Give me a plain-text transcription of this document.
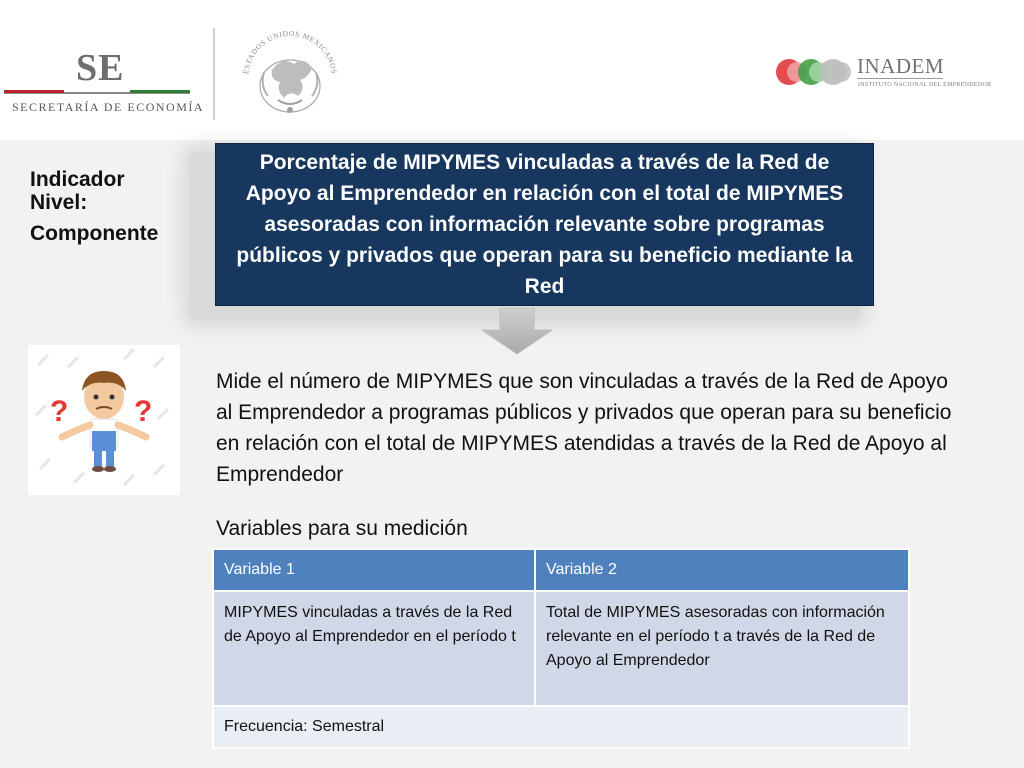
SE
SECRETARÍA DE ECONOMÍA
ESTADOS UNIDOS MEXICANOS	INADEM
INSTITUTO NACIONAL DEL EMPRENDEDOR
Indicador
Nivel:
Componente
Porcentaje de MIPYMES vinculadas a través de la Red de Apoyo al Emprendedor en relación con el total de MIPYMES asesoradas con información relevante sobre programas públicos y privados que operan para su beneficio mediante la Red
? ?
Mide el número de MIPYMES que son vinculadas a través de la Red de Apoyo al Emprendedor a programas públicos y privados que operan para su beneficio en relación con el total de MIPYMES atendidas a través de la Red de Apoyo al Emprendedor
Variables para su medición
Variable 1	Variable 2
MIPYMES vinculadas a través de la Red de Apoyo al Emprendedor en el período t	Total de MIPYMES asesoradas con información relevante en el período t a través de la Red de Apoyo al Emprendedor
Frecuencia: Semestral	
